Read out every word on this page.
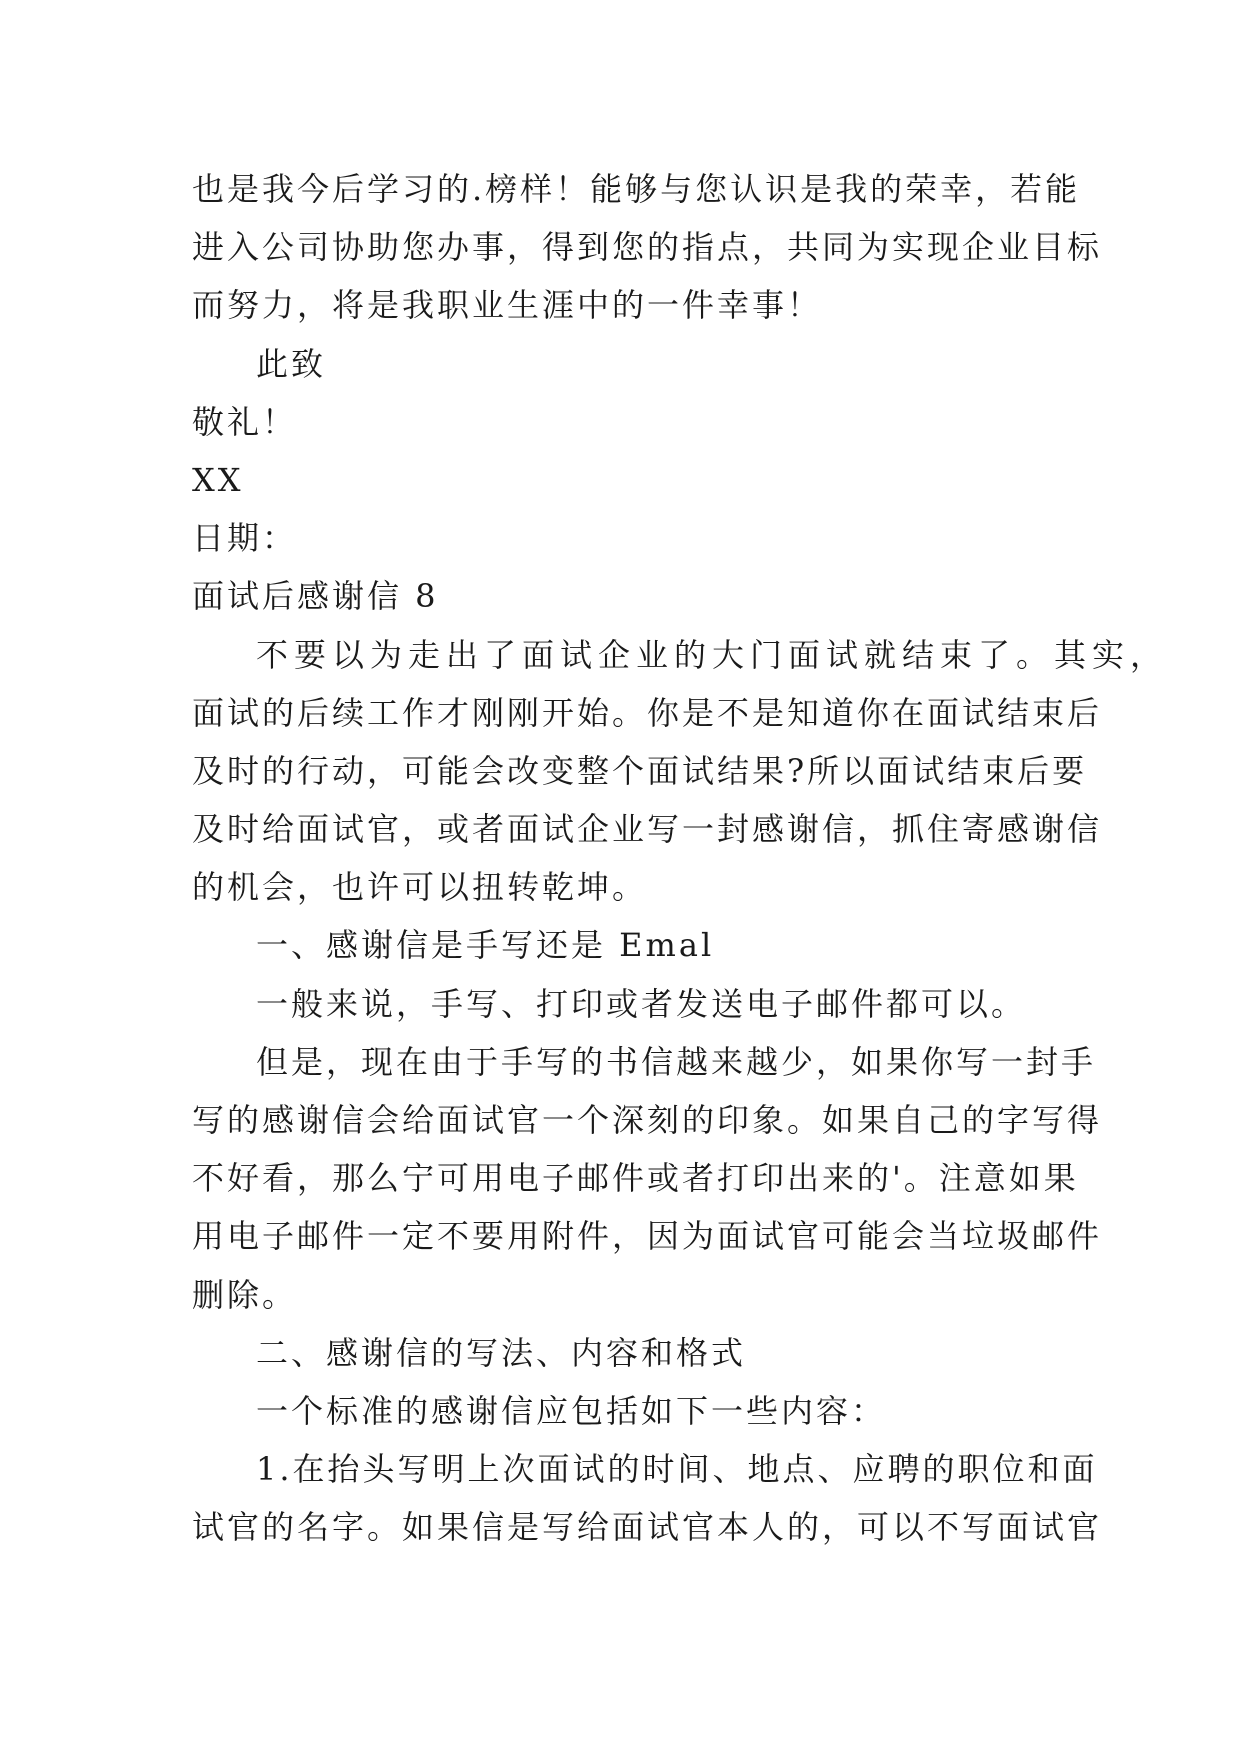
也是我今后学习的.榜样！能够与您认识是我的荣幸，若能

进入公司协助您办事，得到您的指点，共同为实现企业目标

而努力，将是我职业生涯中的一件幸事！

此致

敬礼！

XX

日期：

面试后感谢信 8

不要以为走出了面试企业的大门面试就结束了。其实，

面试的后续工作才刚刚开始。你是不是知道你在面试结束后

及时的行动，可能会改变整个面试结果?所以面试结束后要

及时给面试官，或者面试企业写一封感谢信，抓住寄感谢信

的机会，也许可以扭转乾坤。

一、感谢信是手写还是 Emal

一般来说，手写、打印或者发送电子邮件都可以。

但是，现在由于手写的书信越来越少，如果你写一封手

写的感谢信会给面试官一个深刻的印象。如果自己的字写得

不好看，那么宁可用电子邮件或者打印出来的'。注意如果

用电子邮件一定不要用附件，因为面试官可能会当垃圾邮件

删除。

二、感谢信的写法、内容和格式

一个标准的感谢信应包括如下一些内容：

1.在抬头写明上次面试的时间、地点、应聘的职位和面

试官的名字。如果信是写给面试官本人的，可以不写面试官
